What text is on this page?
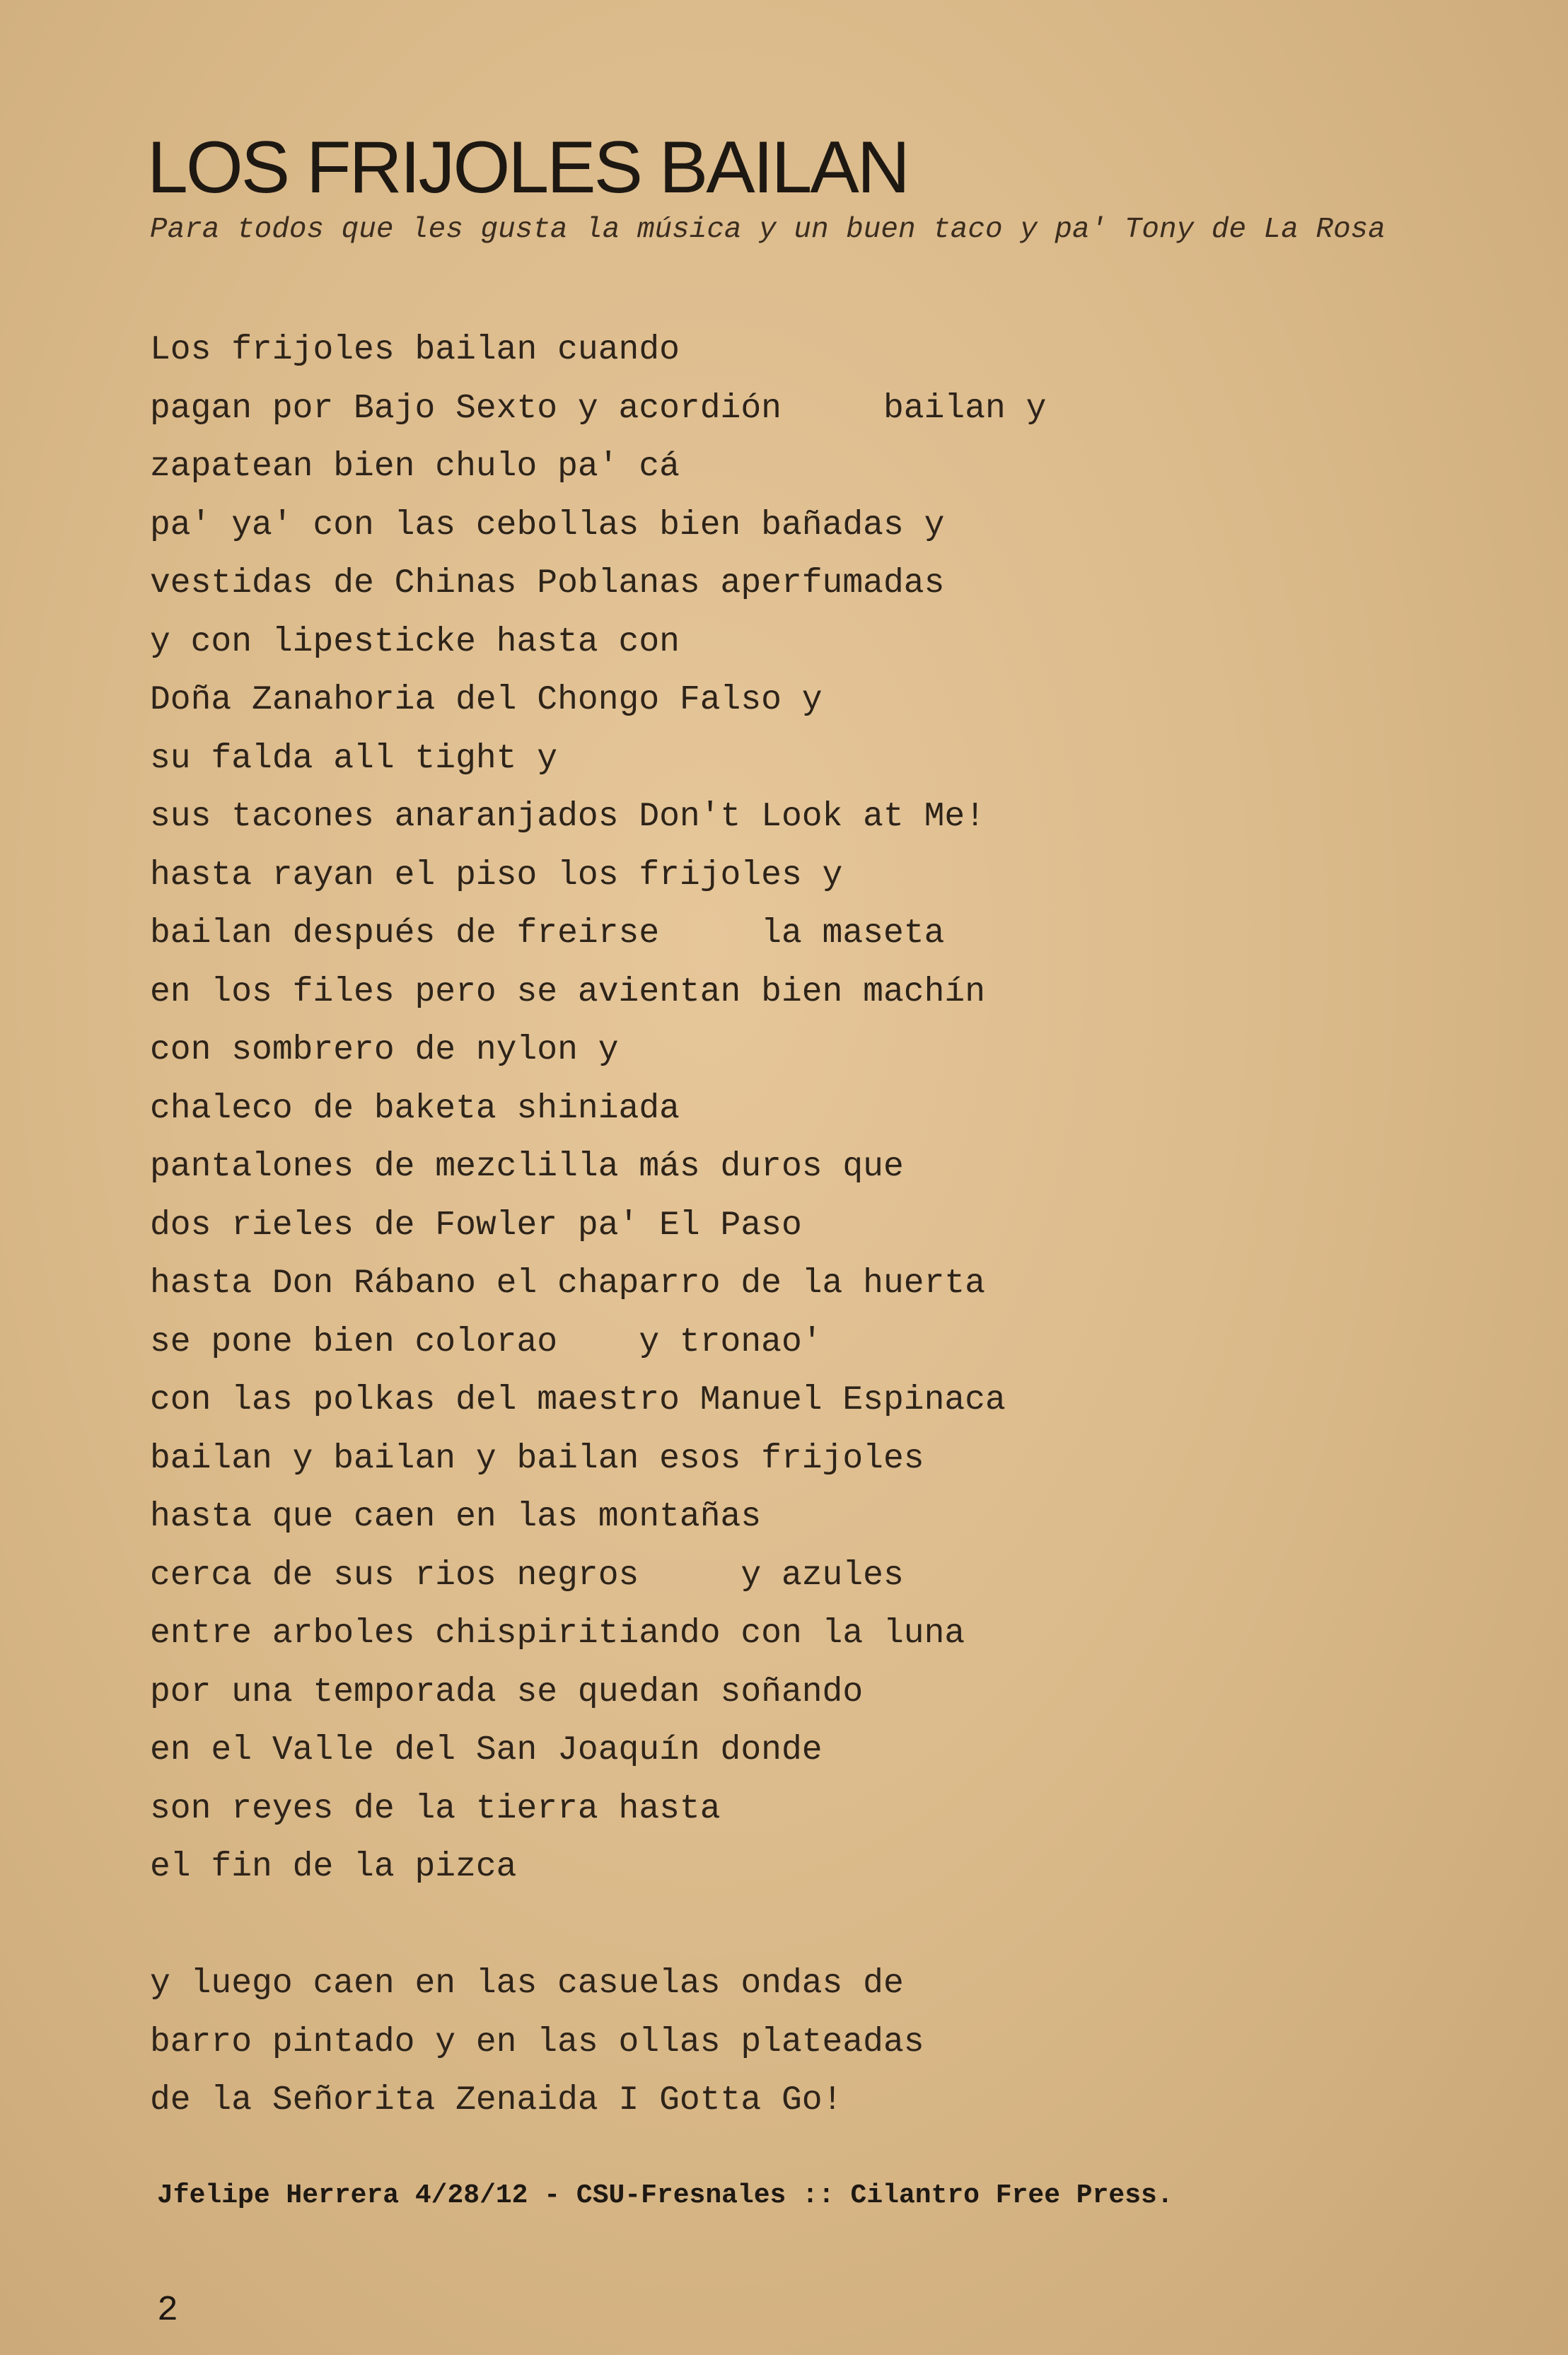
LOS FRIJOLES BAILAN
Para todos que les gusta la música y un buen taco y pa' Tony de La Rosa
Los frijoles bailan cuando
pagan por Bajo Sexto y acordión     bailan y
zapatean bien chulo pa' cá
pa' ya' con las cebollas bien bañadas y
vestidas de Chinas Poblanas aperfumadas
y con lipesticke hasta con
Doña Zanahoria del Chongo Falso y
su falda all tight y
sus tacones anaranjados Don't Look at Me!
hasta rayan el piso los frijoles y
bailan después de freirse     la maseta
en los files pero se avientan bien machín
con sombrero de nylon y
chaleco de baketa shiniada
pantalones de mezclilla más duros que
dos rieles de Fowler pa' El Paso
hasta Don Rábano el chaparro de la huerta
se pone bien colorao    y tronao'
con las polkas del maestro Manuel Espinaca
bailan y bailan y bailan esos frijoles
hasta que caen en las montañas
cerca de sus rios negros     y azules
entre arboles chispiritiando con la luna
por una temporada se quedan soñando
en el Valle del San Joaquín donde
son reyes de la tierra hasta
el fin de la pizca
y luego caen en las casuelas ondas de
barro pintado y en las ollas plateadas
de la Señorita Zenaida I Gotta Go!
Jfelipe Herrera 4/28/12 - CSU-Fresnales :: Cilantro Free Press.
2
